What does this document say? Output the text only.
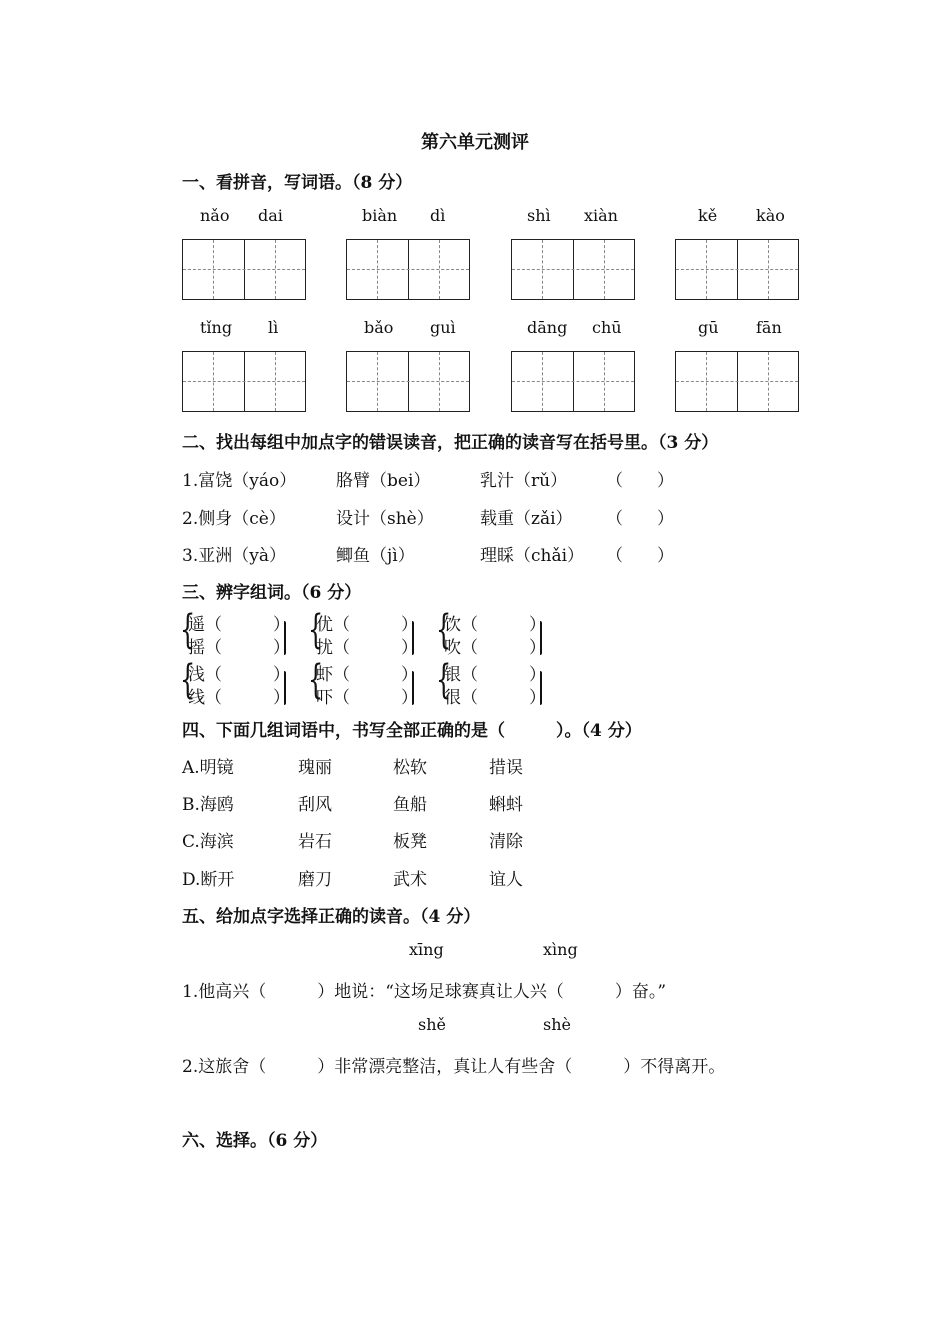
第六单元测评
一、看拼音，写词语。（8 分）
nǎo dai	biàn dì	shì xiàn	kě kào
tǐng lì	bǎo guì	dāng chū	gū fān
二、找出每组中加点字的错误读音，把正确的读音写在括号里。（3 分）
1.富饶（yáo） 胳臂（bei）	乳汁（rǔ） （　　）
2.侧身（cè）	设计（shè）	载重（zǎi） （　　）
3.亚洲（yà）	鲫鱼（jì）	理睬（chǎi） （　　）
三、辨字组词。（6 分）
{
遥（　　　）
摇（　　　） {
优（　　　）
扰（　　　） {
饮（　　　）
吹（　　　）
{
浅（　　　）
线（　　　） {
虾（　　　）
吓（　　　） {
银（　　　）
很（　　　）
四、下面几组词语中，书写全部正确的是（　　　）。（4 分）
A.明镜	瑰丽	松软	措误
B.海鸥	刮风	鱼船	蝌蚪
C.海滨	岩石	板凳	清除
D.断开	磨刀	武术	谊人
五、给加点字选择正确的读音。（4 分）
xīng	xìng
1.他高兴（　　　）地说：“这场足球赛真让人兴（　　　）奋。”
shě	shè
2.这旅舍（　　　）非常漂亮整洁，真让人有些舍（　　　）不得离开。
六、选择。（6 分）
